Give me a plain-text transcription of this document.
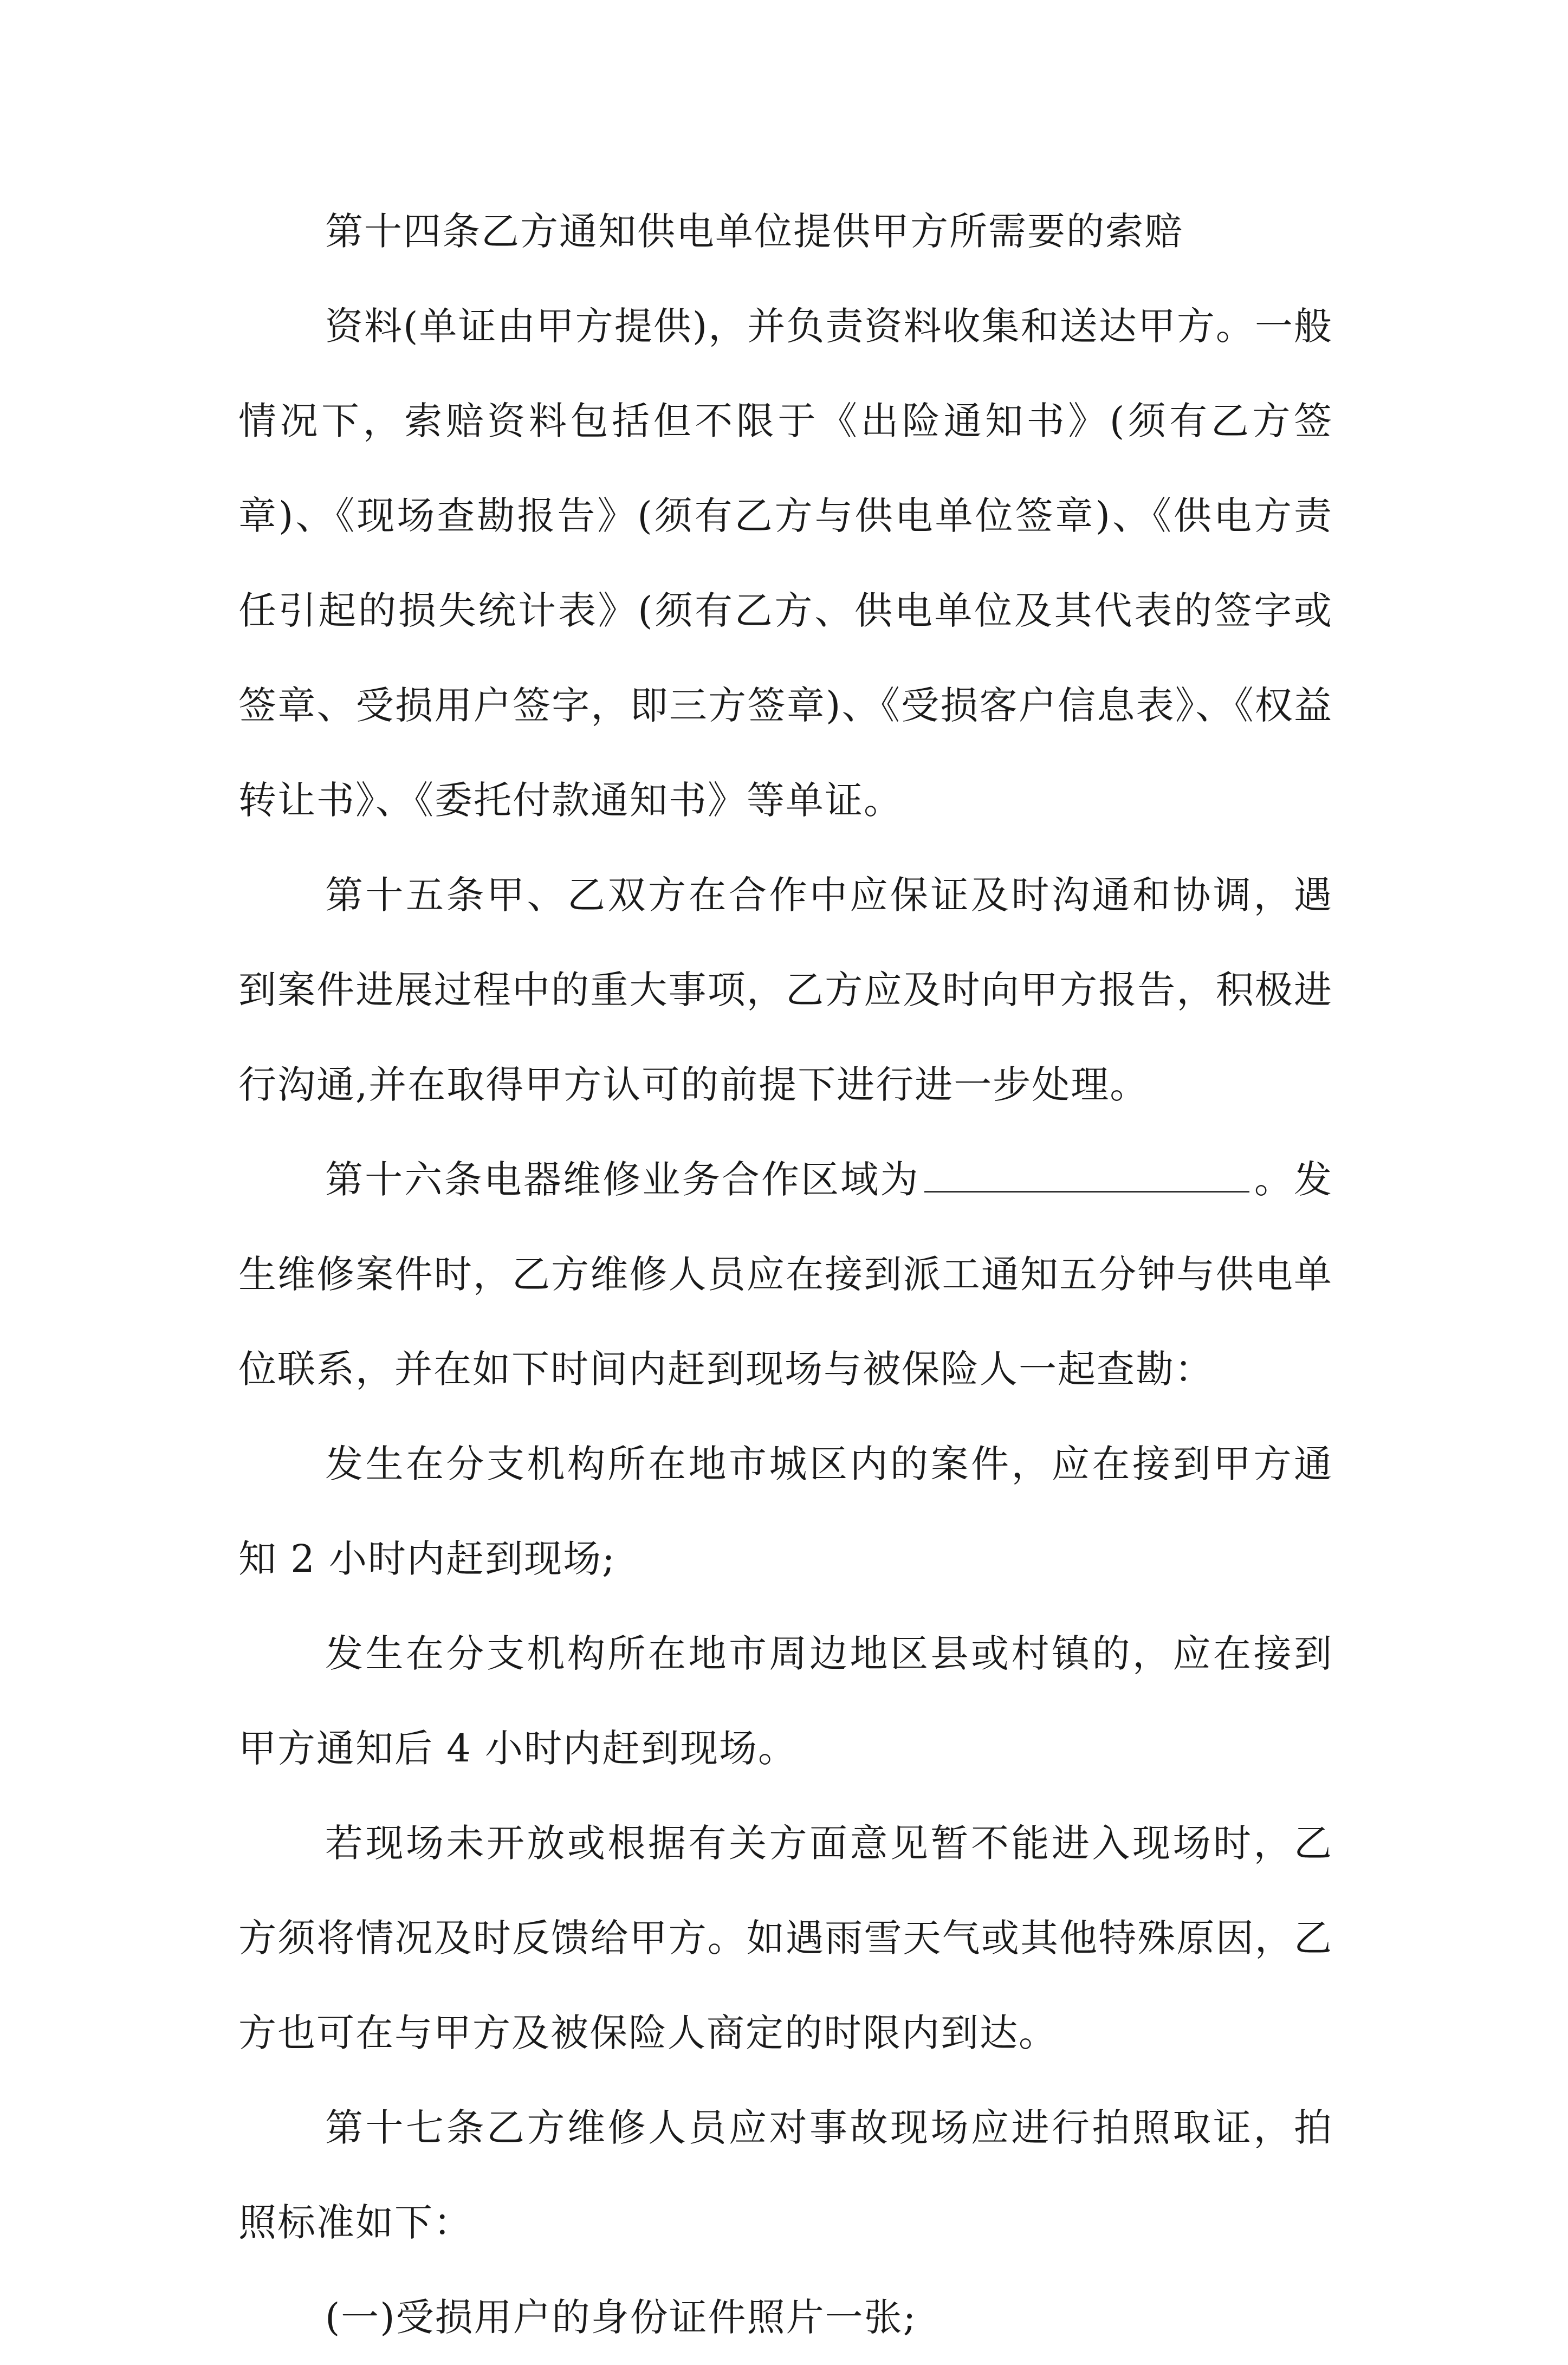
第十四条乙方通知供电单位提供甲方所需要的索赔

资料(单证由甲方提供)，并负责资料收集和送达甲方。一般情况下，索赔资料包括但不限于《出险通知书》(须有乙方签章)、《现场查勘报告》(须有乙方与供电单位签章)、《供电方责任引起的损失统计表》(须有乙方、供电单位及其代表的签字或签章、受损用户签字，即三方签章)、《受损客户信息表》、《权益转让书》、《委托付款通知书》等单证。

第十五条甲、乙双方在合作中应保证及时沟通和协调，遇到案件进展过程中的重大事项，乙方应及时向甲方报告，积极进行沟通,并在取得甲方认可的前提下进行进一步处理。

第十六条电器维修业务合作区域为	。发生维修案件时，乙方维修人员应在接到派工通知五分钟与供电单位联系，并在如下时间内赶到现场与被保险人一起查勘：

发生在分支机构所在地市城区内的案件，应在接到甲方通知 2 小时内赶到现场;

发生在分支机构所在地市周边地区县或村镇的，应在接到甲方通知后 4 小时内赶到现场。

若现场未开放或根据有关方面意见暂不能进入现场时，乙方须将情况及时反馈给甲方。如遇雨雪天气或其他特殊原因，乙方也可在与甲方及被保险人商定的时限内到达。

第十七条乙方维修人员应对事故现场应进行拍照取证，拍照标准如下：

(一)受损用户的身份证件照片一张;
